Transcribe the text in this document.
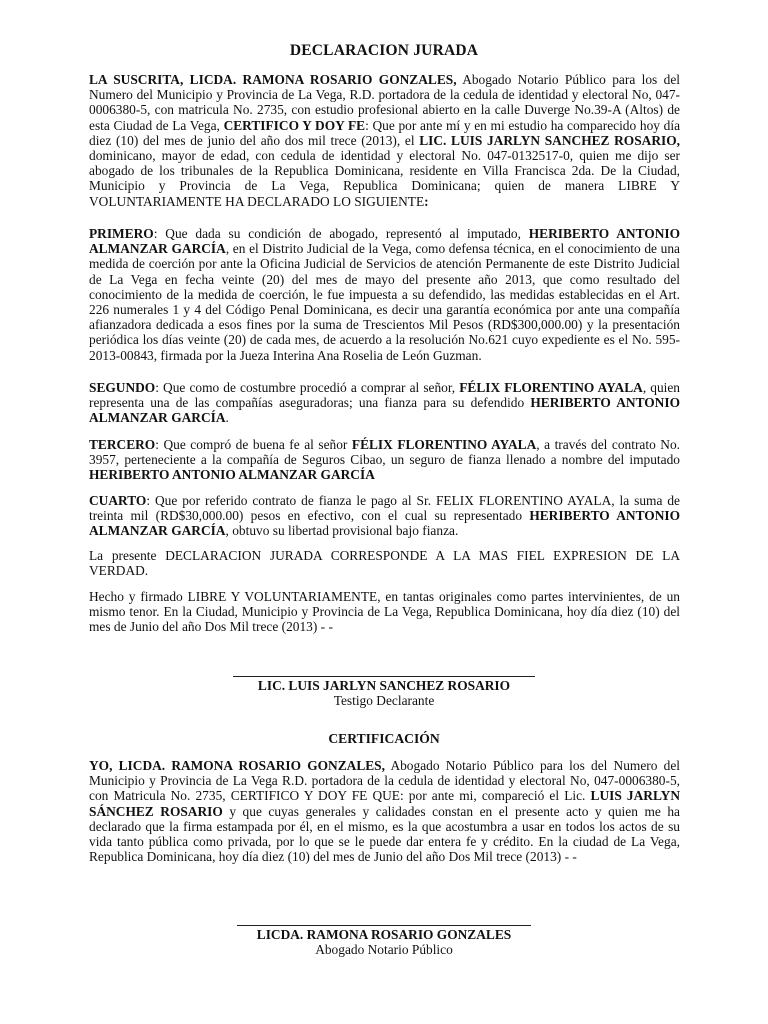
DECLARACION JURADA

LA SUSCRITA, LICDA. RAMONA ROSARIO GONZALES, Abogado Notario Público para los del Numero del Municipio y Provincia de La Vega, R.D. portadora de la cedula de identidad y electoral No, 047-0006380-5, con matricula No. 2735, con estudio profesional abierto en la calle Duverge No.39-A (Altos) de esta Ciudad de La Vega, CERTIFICO Y DOY FE: Que por ante mí y en mi estudio ha comparecido hoy día diez (10) del mes de junio del año dos mil trece (2013), el LIC. LUIS JARLYN SANCHEZ ROSARIO, dominicano, mayor de edad, con cedula de identidad y electoral No. 047-0132517-0, quien me dijo ser abogado de los tribunales de la Republica Dominicana, residente en Villa Francisca 2da. De la Ciudad, Municipio y Provincia de La Vega, Republica Dominicana; quien de manera LIBRE Y VOLUNTARIAMENTE HA DECLARADO LO SIGUIENTE:

PRIMERO: Que dada su condición de abogado, representó al imputado, HERIBERTO ANTONIO ALMANZAR GARCÍA, en el Distrito Judicial de la Vega, como defensa técnica, en el conocimiento de una medida de coerción por ante la Oficina Judicial de Servicios de atención Permanente de este Distrito Judicial de La Vega en fecha veinte (20) del mes de mayo del presente año 2013, que como resultado del conocimiento de la medida de coerción, le fue impuesta a su defendido, las medidas establecidas en el Art. 226 numerales 1 y 4 del Código Penal Dominicana, es decir una garantía económica por ante una compañía afianzadora dedicada a esos fines por la suma de Trescientos Mil Pesos (RD$300,000.00) y la presentación periódica los días veinte (20) de cada mes, de acuerdo a la resolución No.621 cuyo expediente es el No. 595-2013-00843, firmada por la Jueza Interina Ana Roselia de León Guzman.

SEGUNDO: Que como de costumbre procedió a comprar al señor, FÉLIX FLORENTINO AYALA, quien representa una de las compañías aseguradoras; una fianza para su defendido HERIBERTO ANTONIO ALMANZAR GARCÍA.

TERCERO: Que compró de buena fe al señor FÉLIX FLORENTINO AYALA, a través del contrato No. 3957, perteneciente a la compañía de Seguros Cibao, un seguro de fianza llenado a nombre del imputado HERIBERTO ANTONIO ALMANZAR GARCÍA

CUARTO: Que por referido contrato de fianza le pago al Sr. FELIX FLORENTINO AYALA, la suma de treinta mil (RD$30,000.00) pesos en efectivo, con el cual su representado HERIBERTO ANTONIO ALMANZAR GARCÍA, obtuvo su libertad provisional bajo fianza.

La presente DECLARACION JURADA CORRESPONDE A LA MAS FIEL EXPRESION DE LA VERDAD.

Hecho y firmado LIBRE Y VOLUNTARIAMENTE, en tantas originales como partes intervinientes, de un mismo tenor. En la Ciudad, Municipio y Provincia de La Vega, Republica Dominicana, hoy día diez (10) del mes de Junio del año Dos Mil trece (2013) - -

LIC. LUIS JARLYN SANCHEZ ROSARIO
Testigo Declarante
CERTIFICACIÓN

YO, LICDA. RAMONA ROSARIO GONZALES, Abogado Notario Público para los del Numero del Municipio y Provincia de La Vega R.D. portadora de la cedula de identidad y electoral No, 047-0006380-5, con Matricula No. 2735, CERTIFICO Y DOY FE QUE: por ante mi, compareció el Lic. LUIS JARLYN SÁNCHEZ ROSARIO y que cuyas generales y calidades constan en el presente acto y quien me ha declarado que la firma estampada por él, en el mismo, es la que acostumbra a usar en todos los actos de su vida tanto pública como privada, por lo que se le puede dar entera fe y crédito. En la ciudad de La Vega, Republica Dominicana, hoy día diez (10) del mes de Junio del año Dos Mil trece (2013) - -

LICDA. RAMONA ROSARIO GONZALES
Abogado Notario Público
